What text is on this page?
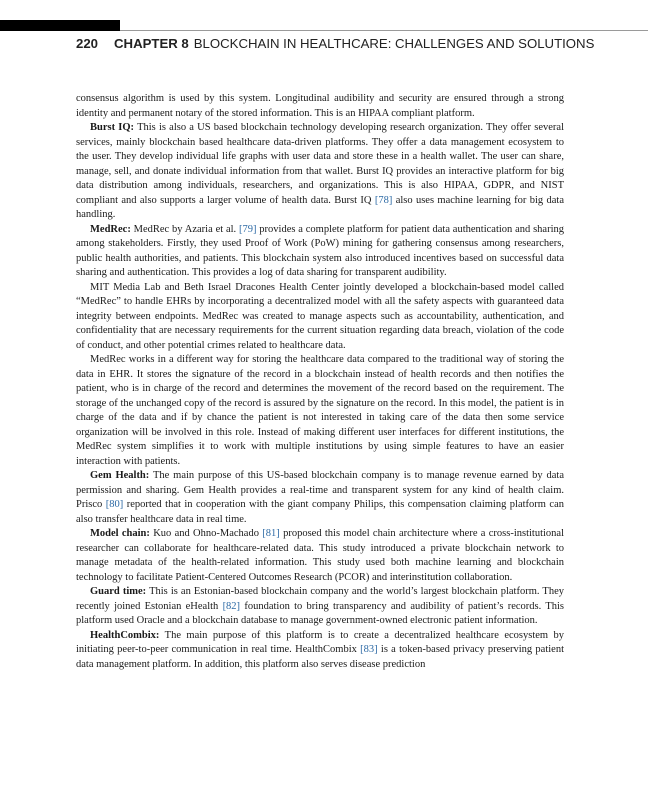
220 CHAPTER 8 BLOCKCHAIN IN HEALTHCARE: CHALLENGES AND SOLUTIONS

consensus algorithm is used by this system. Longitudinal audibility and security are ensured through a strong identity and permanent notary of the stored information. This is an HIPAA compliant platform.

Burst IQ: This is also a US based blockchain technology developing research organization. They offer several services, mainly blockchain based healthcare data-driven platforms. They offer a data management ecosystem to the user. They develop individual life graphs with user data and store these in a health wallet. The user can share, manage, sell, and donate individual information from that wallet. Burst IQ provides an interactive platform for big data distribution among individuals, researchers, and organizations. This is also HIPAA, GDPR, and NIST compliant and also supports a larger volume of health data. Burst IQ [78] also uses machine learning for big data handling.

MedRec: MedRec by Azaria et al. [79] provides a complete platform for patient data authentication and sharing among stakeholders. Firstly, they used Proof of Work (PoW) mining for gathering consensus among researchers, public health authorities, and patients. This blockchain system also introduced incentives based on successful data sharing and authentication. This provides a log of data sharing for transparent audibility.

MIT Media Lab and Beth Israel Dracones Health Center jointly developed a blockchain-based model called “MedRec” to handle EHRs by incorporating a decentralized model with all the safety aspects with guaranteed data integrity between endpoints. MedRec was created to manage aspects such as accountability, authentication, and confidentiality that are necessary requirements for the current situation regarding data breach, violation of the code of conduct, and other potential crimes related to healthcare data.

MedRec works in a different way for storing the healthcare data compared to the traditional way of storing the data in EHR. It stores the signature of the record in a blockchain instead of health records and then notifies the patient, who is in charge of the record and determines the movement of the record based on the requirement. The storage of the unchanged copy of the record is assured by the signature on the record. In this model, the patient is in charge of the data and if by chance the patient is not interested in taking care of the data then some service organization will be involved in this role. Instead of making different user interfaces for different institutions, the MedRec system simplifies it to work with multiple institutions by using simple features to have an easier interaction with patients.

Gem Health: The main purpose of this US-based blockchain company is to manage revenue earned by data permission and sharing. Gem Health provides a real-time and transparent system for any kind of health claim. Prisco [80] reported that in cooperation with the giant company Philips, this compensation claiming platform can also transfer healthcare data in real time.

Model chain: Kuo and Ohno-Machado [81] proposed this model chain architecture where a cross-institutional researcher can collaborate for healthcare-related data. This study introduced a private blockchain network to manage metadata of the health-related information. This study used both machine learning and blockchain technology to facilitate Patient-Centered Outcomes Research (PCOR) and interinstitution collaboration.

Guard time: This is an Estonian-based blockchain company and the world’s largest blockchain platform. They recently joined Estonian eHealth [82] foundation to bring transparency and audibility of patient’s records. This platform used Oracle and a blockchain database to manage government-owned electronic patient information.

HealthCombix: The main purpose of this platform is to create a decentralized healthcare ecosystem by initiating peer-to-peer communication in real time. HealthCombix [83] is a token-based privacy preserving patient data management platform. In addition, this platform also serves disease prediction
